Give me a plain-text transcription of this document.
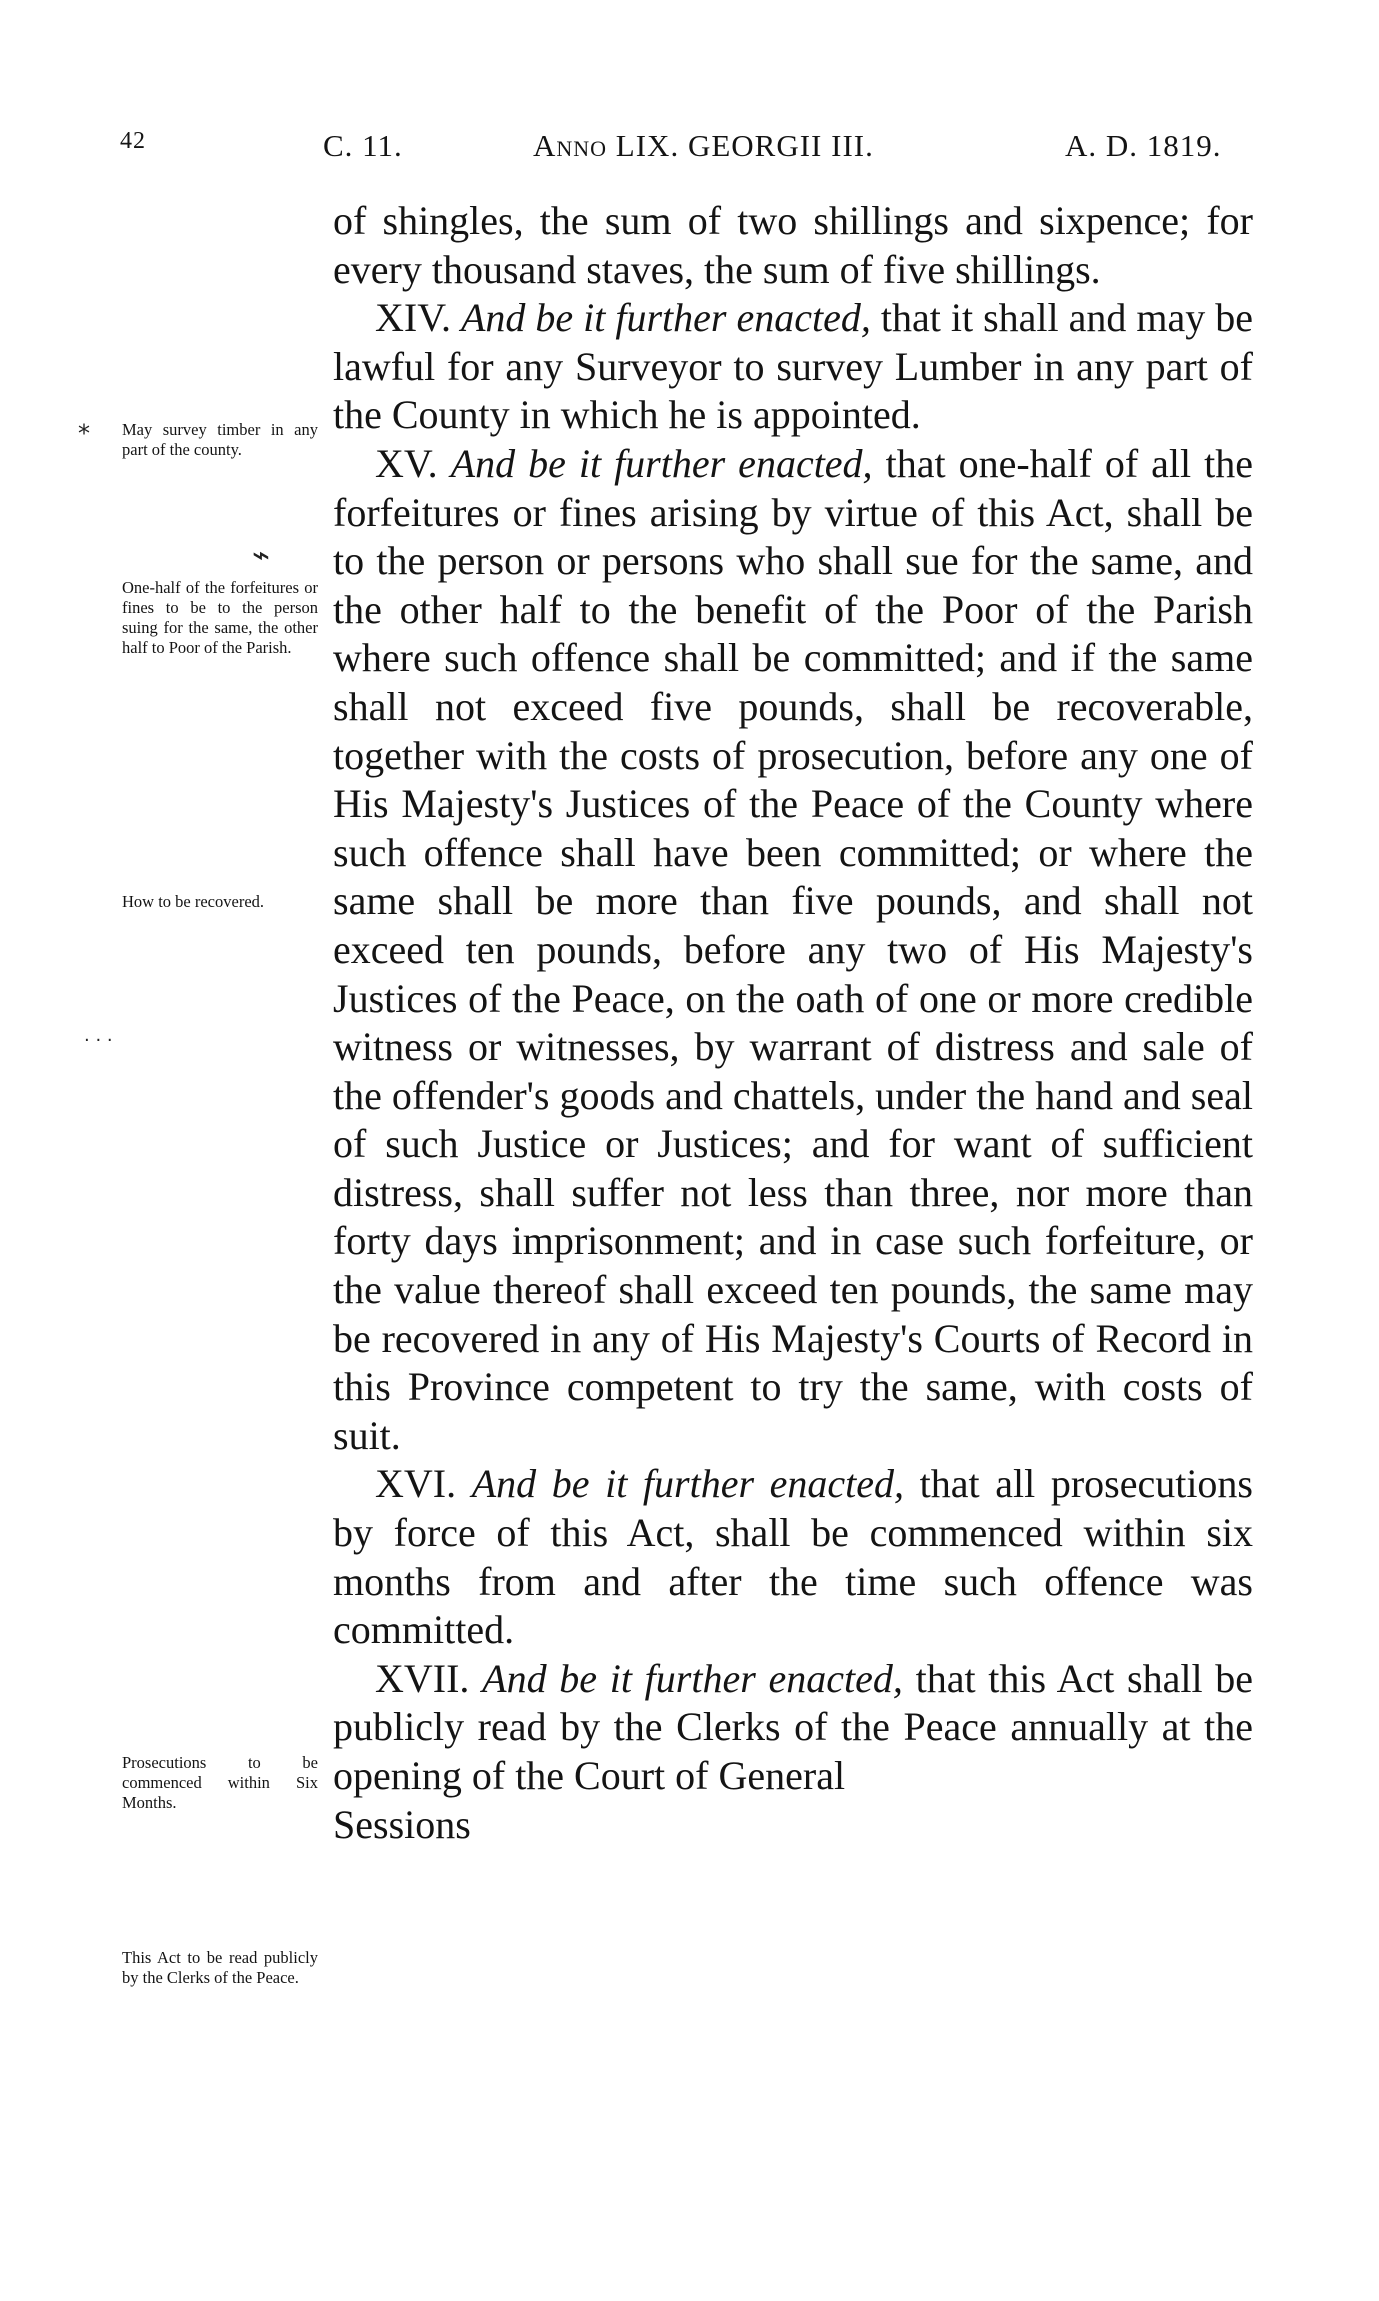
42	C. 11.	Anno LIX. GEORGII III.	A. D. 1819.
May survey timber in any part of the county.
One-half of the forfeitures or fines to be to the person suing for the same, the other half to Poor of the Parish.
How to be recovered.
Prosecutions to be commenced within Six Months.
This Act to be read publicly by the Clerks of the Peace.
⁎
⌁
· · ·

of shingles, the sum of two shillings and sixpence; for every thousand staves, the sum of five shillings.

XIV. And be it further enacted, that it shall and may be lawful for any Surveyor to survey Lumber in any part of the County in which he is appointed.

XV. And be it further enacted, that one-half of all the forfeitures or fines arising by virtue of this Act, shall be to the person or persons who shall sue for the same, and the other half to the benefit of the Poor of the Parish where such offence shall be committed; and if the same shall not exceed five pounds, shall be recoverable, together with the costs of prosecution, before any one of His Majesty's Justices of the Peace of the County where such offence shall have been committed; or where the same shall be more than five pounds, and shall not exceed ten pounds, before any two of His Majesty's Justices of the Peace, on the oath of one or more credible witness or witnesses, by warrant of distress and sale of the offender's goods and chattels, under the hand and seal of such Justice or Justices; and for want of sufficient distress, shall suffer not less than three, nor more than forty days imprisonment; and in case such forfeiture, or the value thereof shall exceed ten pounds, the same may be recovered in any of His Majesty's Courts of Record in this Province competent to try the same, with costs of suit.

XVI. And be it further enacted, that all prosecutions by force of this Act, shall be commenced within six months from and after the time such offence was committed.

XVII. And be it further enacted, that this Act shall be publicly read by the Clerks of the Peace annually at the opening of the Court of General

Sessions
